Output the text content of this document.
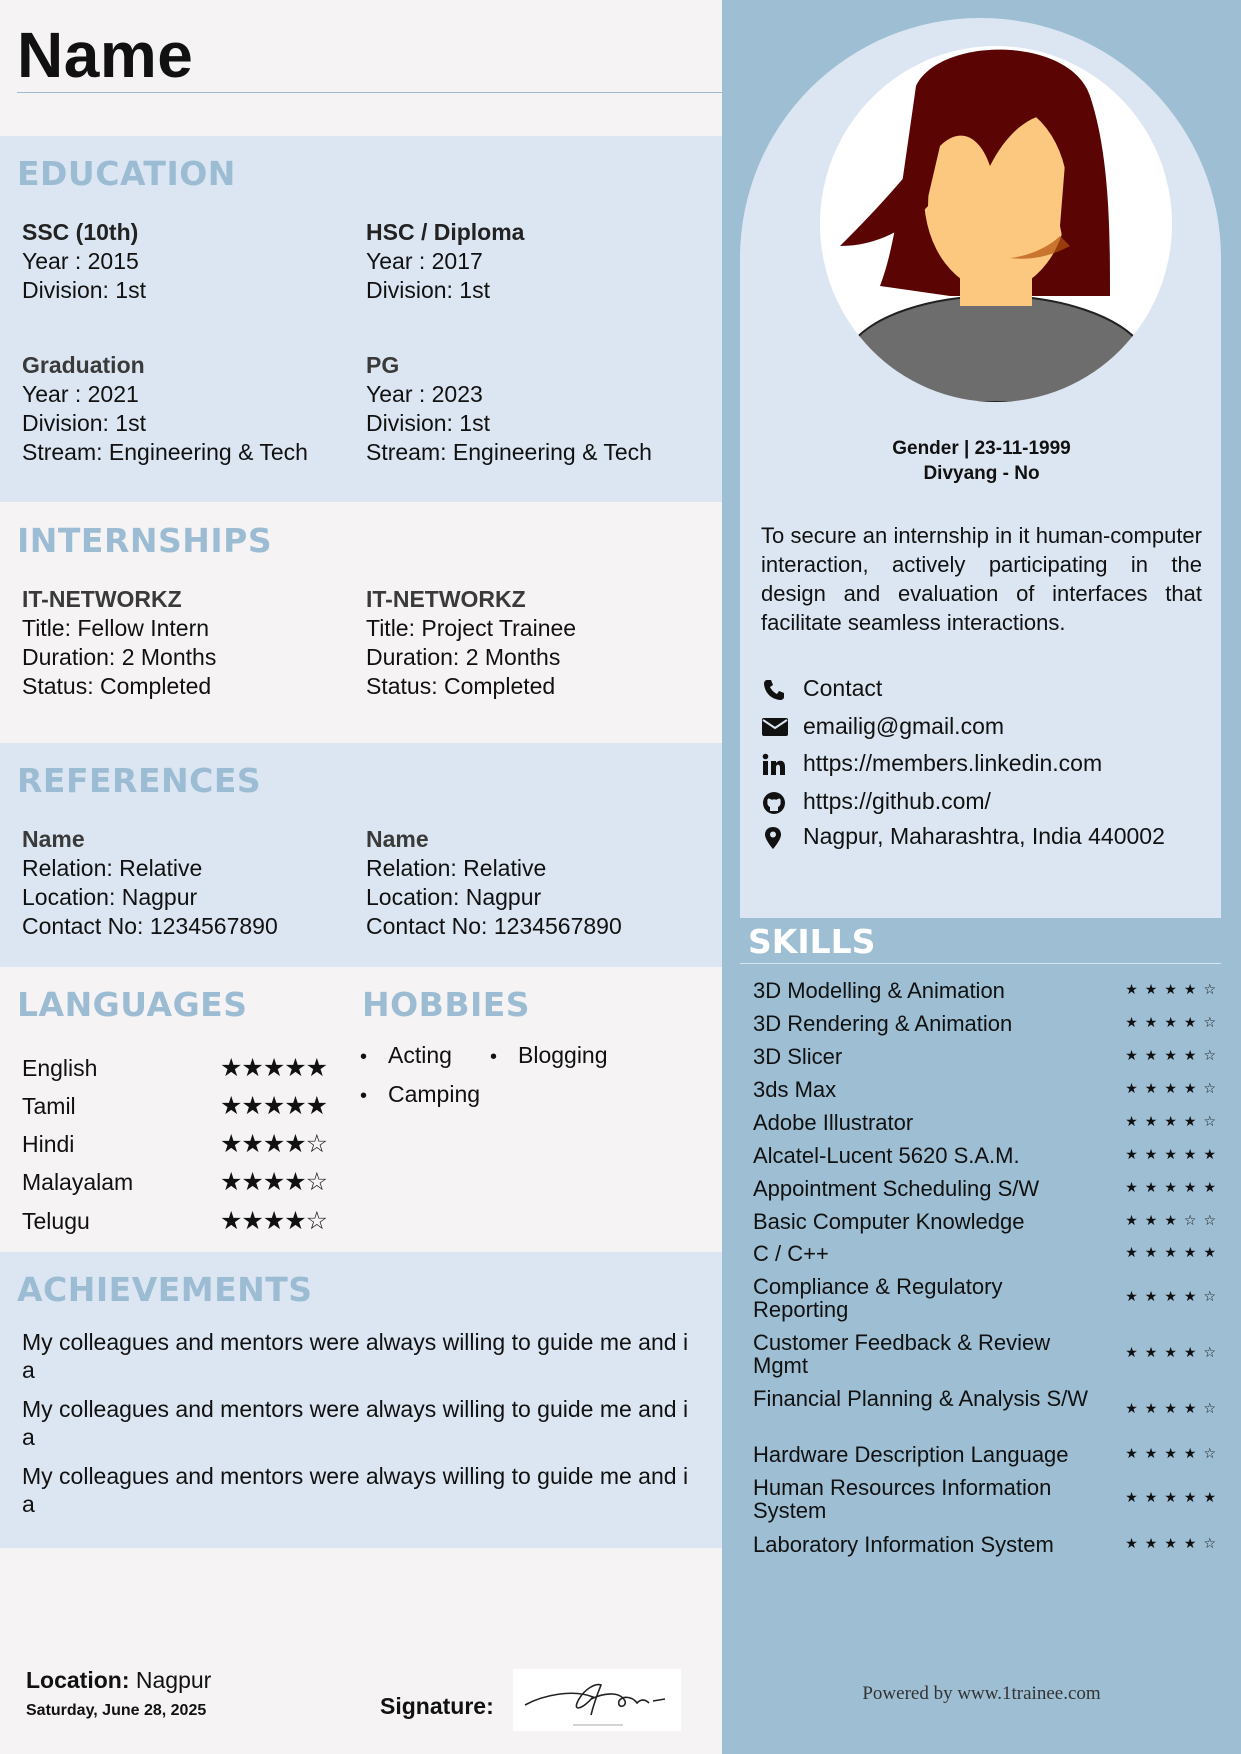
Name
EDUCATION
SSC (10th)
Year : 2015
Division: 1st
HSC / Diploma
Year : 2017
Division: 1st
Graduation
Year : 2021
Division: 1st
Stream: Engineering & Tech
PG
Year : 2023
Division: 1st
Stream: Engineering & Tech
INTERNSHIPS
IT-NETWORKZ
Title: Fellow Intern
Duration: 2 Months
Status: Completed
IT-NETWORKZ
Title: Project Trainee
Duration: 2 Months
Status: Completed
REFERENCES
Name
Relation: Relative
Location: Nagpur
Contact No: 1234567890
Name
Relation: Relative
Location: Nagpur
Contact No: 1234567890
LANGUAGES
English	★★★★★
Tamil	★★★★★
Hindi	★★★★☆
Malayalam	★★★★☆
Telugu	★★★★☆
HOBBIES
• Acting • Blogging
• Camping
ACHIEVEMENTS
My colleagues and mentors were always willing to guide me and i a
My colleagues and mentors were always willing to guide me and i a
My colleagues and mentors were always willing to guide me and i a
Location: Nagpur
Saturday, June 28, 2025	Signature:
Gender | 23-11-1999
Divyang - No
To secure an internship in it human-computer interaction, actively participating in the design and evaluation of interfaces that facilitate seamless interactions.
Contact
emailig@gmail.com
https://members.linkedin.com
https://github.com/
Nagpur, Maharashtra, India 440002
SKILLS
3D Modelling & Animation	★★★★☆
3D Rendering & Animation	★★★★☆
3D Slicer	★★★★☆
3ds Max	★★★★☆
Adobe Illustrator	★★★★☆
Alcatel-Lucent 5620 S.A.M.	★★★★★
Appointment Scheduling S/W	★★★★★
Basic Computer Knowledge	★★★☆☆
C / C++	★★★★★
Compliance & Regulatory Reporting	★★★★☆
Customer Feedback & Review Mgmt	★★★★☆
Financial Planning & Analysis S/W	★★★★☆
Hardware Description Language	★★★★☆
Human Resources Information System	★★★★★
Laboratory Information System	★★★★☆
Powered by www.1trainee.com
